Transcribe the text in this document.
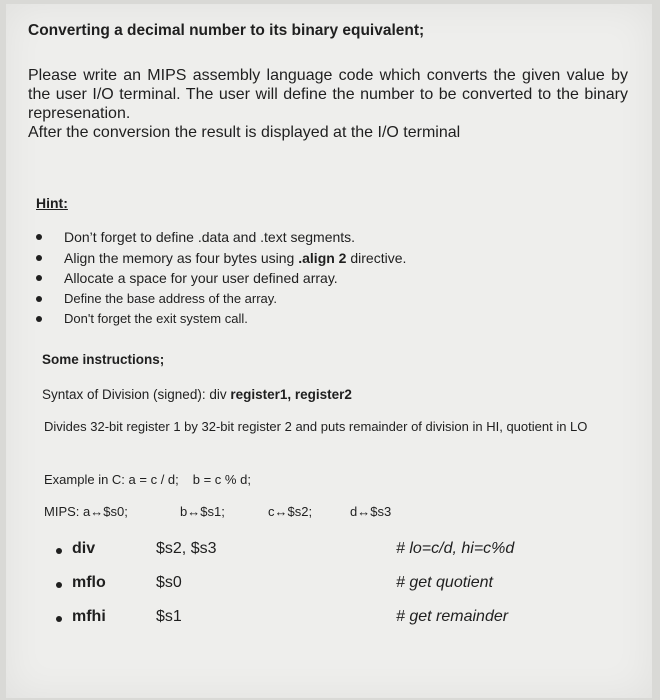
Converting a decimal number to its binary equivalent;

Please write an MIPS assembly language code which converts the given value by the user I/O terminal. The user will define the number to be converted to the binary represenation.

After the conversion the result is displayed at the I/O terminal

Hint:
Don’t forget to define .data and .text segments.
Align the memory as four bytes using .align 2 directive.
Allocate a space for your user defined array.
Define the base address of the array.
Don't forget the exit system call.
Some instructions;
Syntax of Division (signed): div register1, register2
Divides 32-bit register 1 by 32-bit register 2 and puts remainder of division in HI, quotient in LO
Example in C: a = c / d; b = c % d;
MIPS: a↔$s0;	b↔$s1;	c↔$s2;	d↔$s3
div	$s2, $s3	# lo=c/d, hi=c%d
mflo	$s0	# get quotient
mfhi	$s1	# get remainder
